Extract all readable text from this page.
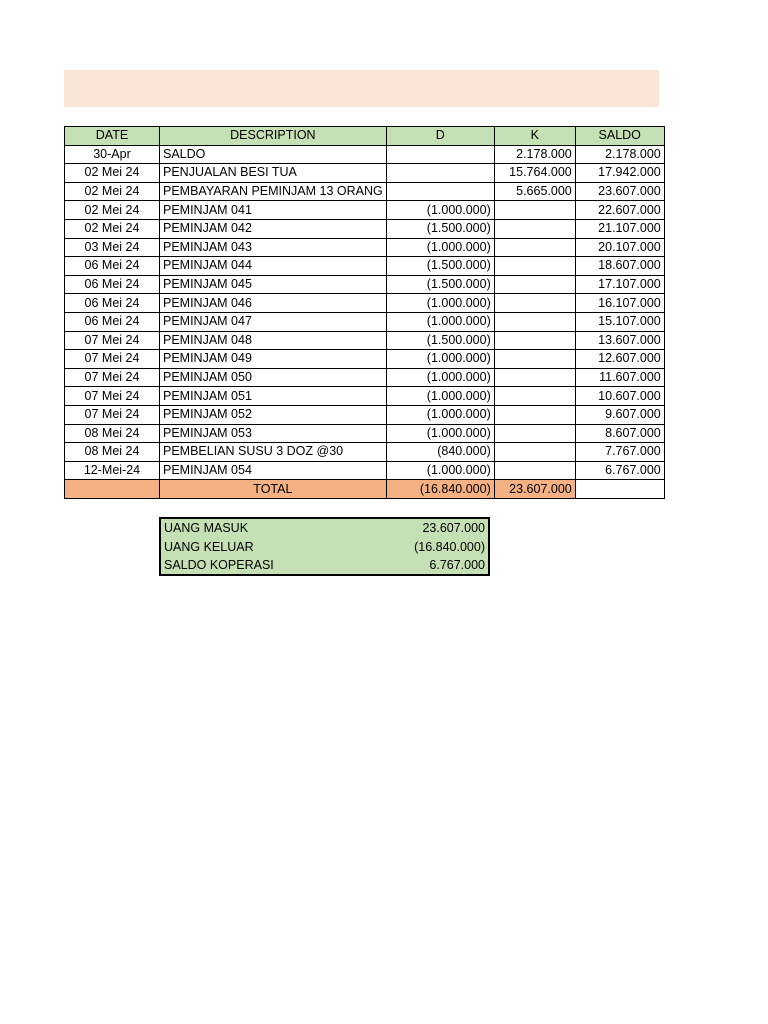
DATE	DESCRIPTION	D	K	SALDO
30-Apr	SALDO		2.178.000	2.178.000
02 Mei 24	PENJUALAN BESI TUA		15.764.000	17.942.000
02 Mei 24	PEMBAYARAN PEMINJAM 13 ORANG		5.665.000	23.607.000
02 Mei 24	PEMINJAM 041	(1.000.000)		22.607.000
02 Mei 24	PEMINJAM 042	(1.500.000)		21.107.000
03 Mei 24	PEMINJAM 043	(1.000.000)		20.107.000
06 Mei 24	PEMINJAM 044	(1.500.000)		18.607.000
06 Mei 24	PEMINJAM 045	(1.500.000)		17.107.000
06 Mei 24	PEMINJAM 046	(1.000.000)		16.107.000
06 Mei 24	PEMINJAM 047	(1.000.000)		15.107.000
07 Mei 24	PEMINJAM 048	(1.500.000)		13.607.000
07 Mei 24	PEMINJAM 049	(1.000.000)		12.607.000
07 Mei 24	PEMINJAM 050	(1.000.000)		11.607.000
07 Mei 24	PEMINJAM 051	(1.000.000)		10.607.000
07 Mei 24	PEMINJAM 052	(1.000.000)		9.607.000
08 Mei 24	PEMINJAM 053	(1.000.000)		8.607.000
08 Mei 24	PEMBELIAN SUSU 3 DOZ @30	(840.000)		7.767.000
12-Mei-24	PEMINJAM 054	(1.000.000)		6.767.000
	TOTAL	(16.840.000)	23.607.000	
UANG MASUK	23.607.000
UANG KELUAR	(16.840.000)
SALDO KOPERASI	6.767.000
